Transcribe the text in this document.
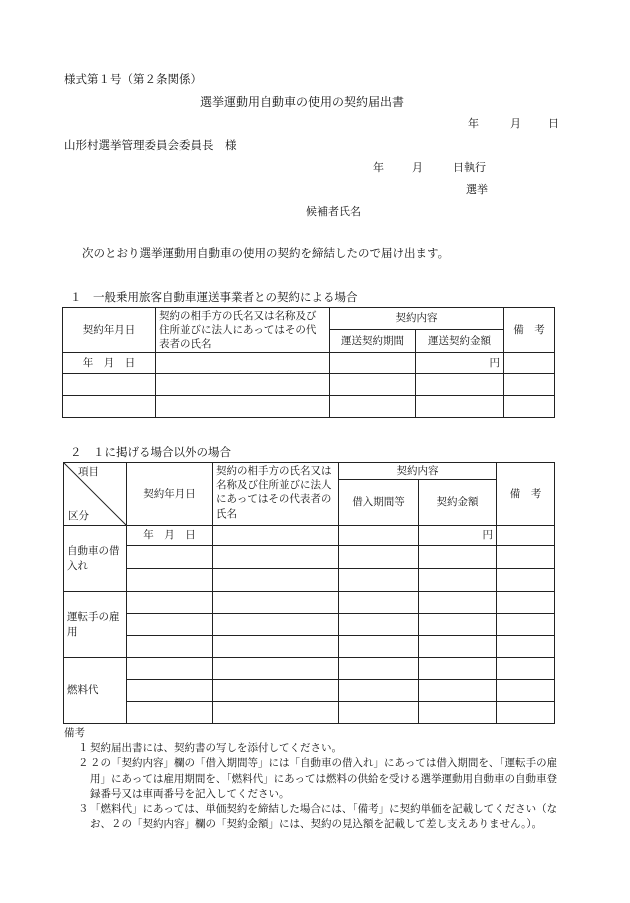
様式第１号（第２条関係）
選挙運動用自動車の使用の契約届出書
年	月 日
山形村選挙管理委員会委員長　様
年	月	日執行
選挙
候補者氏名
次のとおり選挙運動用自動車の使用の契約を締結したので届け出ます。
１　一般乗用旅客自動車運送事業者との契約による場合
契約年月日	契約の相手方の氏名又は名称及び住所並びに法人にあってはその代表者の氏名	契約内容		備　考
		運送契約期間	運送契約金額	
年　月　日			円	

２　１に掲げる場合以外の場合
項目
区分	契約年月日	契約の相手方の氏名又は名称及び住所並びに法人にあってはその代表者の氏名	契約内容		備　考
			借入期間等	契約金額	
自動車の借入れ	年　月　日			円	

運転手の雇用					

燃料代					

備考
１ 契約届出書には、契約書の写しを添付してください。
２ ２の「契約内容」欄の「借入期間等」には「自動車の借入れ」にあっては借入期間を、「運転手の雇用」にあっては雇用期間を、「燃料代」にあっては燃料の供給を受ける選挙運動用自動車の自動車登録番号又は車両番号を記入してください。
３ 「燃料代」にあっては、単価契約を締結した場合には、「備考」に契約単価を記載してください（なお、２の「契約内容」欄の「契約金額」には、契約の見込額を記載して差し支えありません。）。
